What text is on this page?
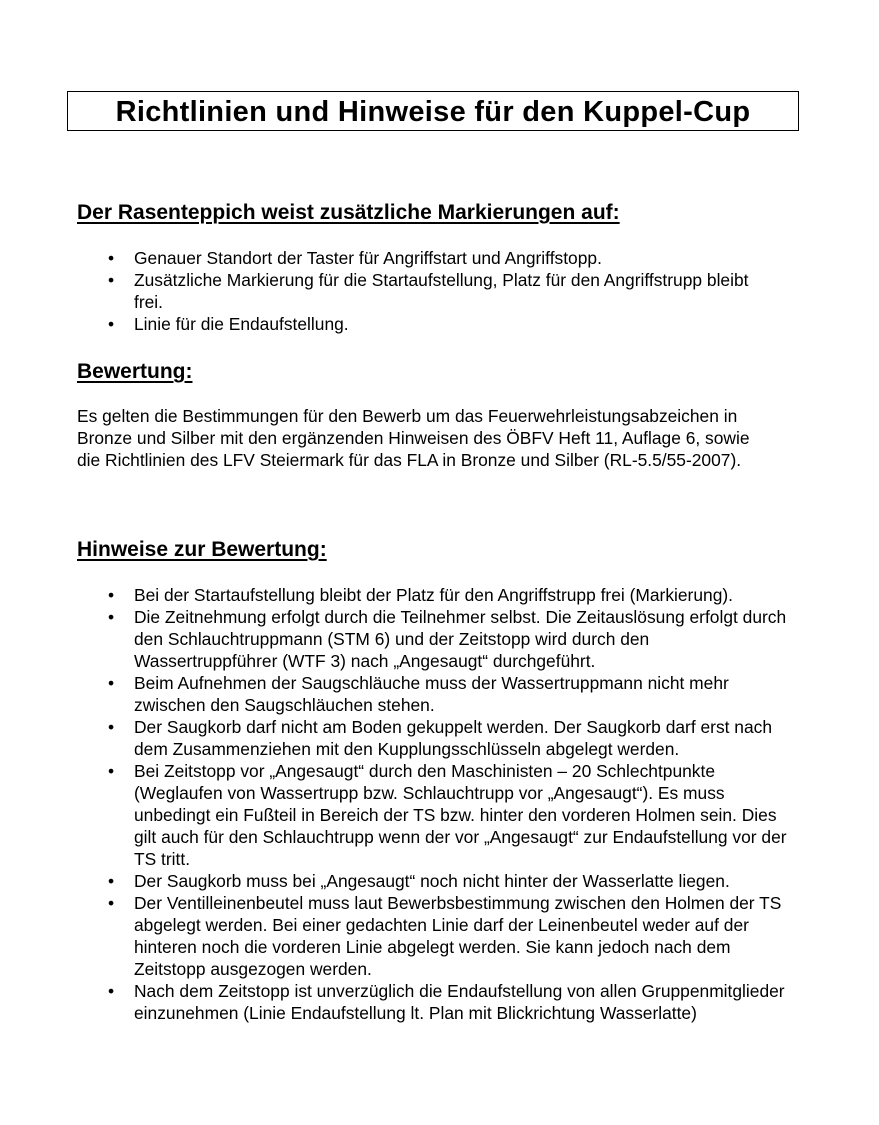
Richtlinien und Hinweise für den Kuppel-Cup
Der Rasenteppich weist zusätzliche Markierungen auf:
• Genauer Standort der Taster für Angriffstart und Angriffstopp.
• Zusätzliche Markierung für die Startaufstellung, Platz für den Angriffstrupp bleibt frei.
• Linie für die Endaufstellung.
Bewertung:

Es gelten die Bestimmungen für den Bewerb um das Feuerwehrleistungsabzeichen in Bronze und Silber mit den ergänzenden Hinweisen des ÖBFV Heft 11, Auflage 6, sowie die Richtlinien des LFV Steiermark für das FLA in Bronze und Silber (RL-5.5/55-2007).

Hinweise zur Bewertung:
• Bei der Startaufstellung bleibt der Platz für den Angriffstrupp frei (Markierung).
• Die Zeitnehmung erfolgt durch die Teilnehmer selbst. Die Zeitauslösung erfolgt durch den Schlauchtruppmann (STM 6) und der Zeitstopp wird durch den Wassertruppführer (WTF 3) nach „Angesaugt“ durchgeführt.
• Beim Aufnehmen der Saugschläuche muss der Wassertruppmann nicht mehr zwischen den Saugschläuchen stehen.
• Der Saugkorb darf nicht am Boden gekuppelt werden. Der Saugkorb darf erst nach dem Zusammenziehen mit den Kupplungsschlüsseln abgelegt werden.
• Bei Zeitstopp vor „Angesaugt“ durch den Maschinisten – 20 Schlechtpunkte (Weglaufen von Wassertrupp bzw. Schlauchtrupp vor „Angesaugt“). Es muss unbedingt ein Fußteil in Bereich der TS bzw. hinter den vorderen Holmen sein. Dies gilt auch für den Schlauchtrupp wenn der vor „Angesaugt“ zur Endaufstellung vor der TS tritt.
• Der Saugkorb muss bei „Angesaugt“ noch nicht hinter der Wasserlatte liegen.
• Der Ventilleinenbeutel muss laut Bewerbsbestimmung zwischen den Holmen der TS abgelegt werden. Bei einer gedachten Linie darf der Leinenbeutel weder auf der hinteren noch die vorderen Linie abgelegt werden. Sie kann jedoch nach dem Zeitstopp ausgezogen werden.
• Nach dem Zeitstopp ist unverzüglich die Endaufstellung von allen Gruppenmitglieder einzunehmen (Linie Endaufstellung lt. Plan mit Blickrichtung Wasserlatte)
